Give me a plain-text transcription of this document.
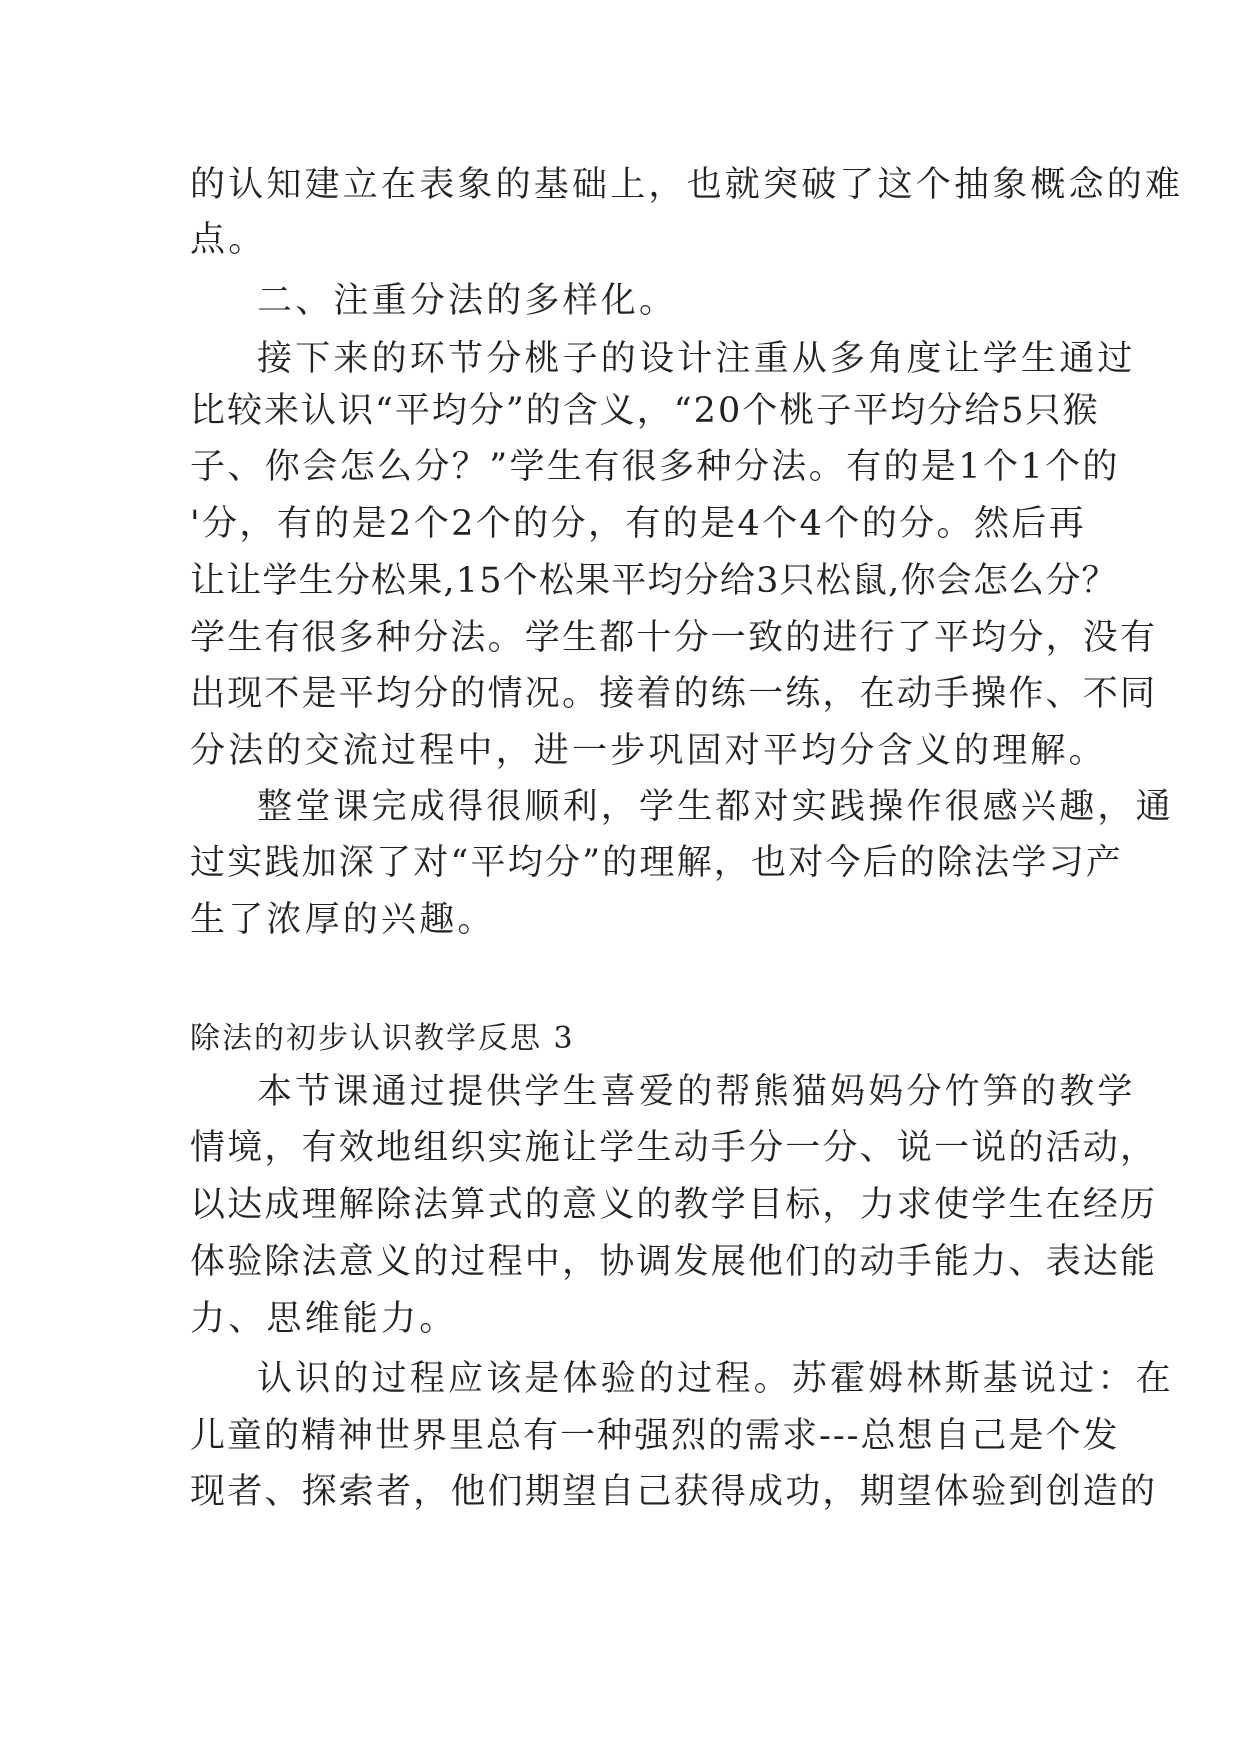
的认知建立在表象的基础上，也就突破了这个抽象概念的难
点。
二、注重分法的多样化。
接下来的环节分桃子的设计注重从多角度让学生通过
比较来认识“平均分”的含义，“20个桃子平均分给5只猴
子、你会怎么分？”学生有很多种分法。有的是1个1个的
'分，有的是2个2个的分，有的是4个4个的分。然后再
让让学生分松果,15个松果平均分给3只松鼠,你会怎么分？
学生有很多种分法。学生都十分一致的进行了平均分，没有
出现不是平均分的情况。接着的练一练，在动手操作、不同
分法的交流过程中，进一步巩固对平均分含义的理解。
整堂课完成得很顺利，学生都对实践操作很感兴趣，通
过实践加深了对“平均分”的理解，也对今后的除法学习产
生了浓厚的兴趣。
除法的初步认识教学反思 3
本节课通过提供学生喜爱的帮熊猫妈妈分竹笋的教学
情境，有效地组织实施让学生动手分一分、说一说的活动，
以达成理解除法算式的意义的教学目标，力求使学生在经历
体验除法意义的过程中，协调发展他们的动手能力、表达能
力、思维能力。
认识的过程应该是体验的过程。苏霍姆林斯基说过：在
儿童的精神世界里总有一种强烈的需求---总想自己是个发
现者、探索者，他们期望自己获得成功，期望体验到创造的
